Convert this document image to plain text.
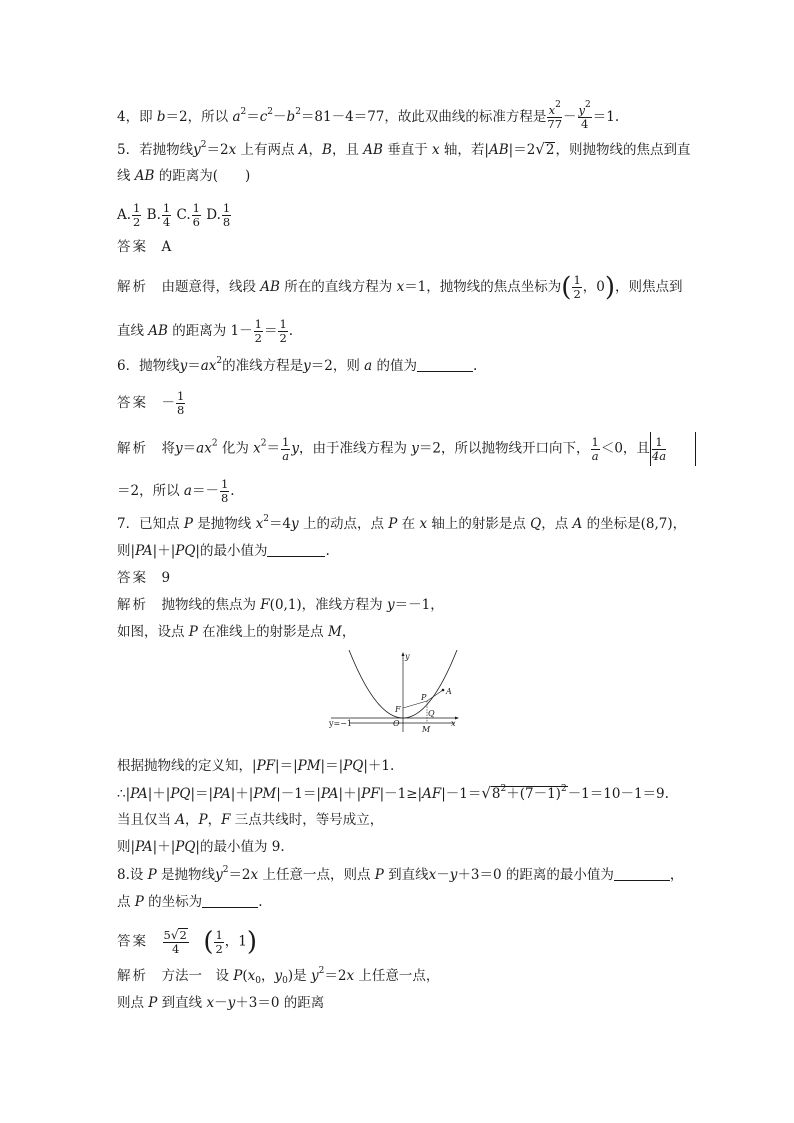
4，即 b＝2，所以 $a^2=c^2-b^2=81-4=77$，故此双曲线的标准方程是 $\frac{x^2}{77} - \frac{y^2}{4} =1$.
5．若抛物线$y^2=2x$ 上有两点 A，B，且 AB 垂直于 x 轴，若|AB|＝2√2，则抛物线的焦点到直
线 AB 的距离为(　　)
A. $\frac{1}{2} B$. $\frac{1}{4} C$. $\frac{1}{6} D$. $\frac{1}{8}$
答案　 A
解析　 由题意得，线段 AB 所在的直线方程为 x＝1，抛物线的焦点坐标为( $\frac{1}{2}$ ，0)，则焦点到
直线 AB 的距离为 $1- \frac{1}{2} = \frac{1}{2}$ .
6．抛物线$y=ax^2$的准线方程是y＝2，则 a 的值为	.
答案　 － $\frac{1}{8}$
解析　 将$y=ax^2$ 化为 $x^2= \frac{1}{a}$ y，由于准线方程为 y＝2，所以抛物线开口向下， $\frac{1}{a} <0$，且 $\frac{1}{4a}$
＝2，所以 $a=- \frac{1}{8}$ .
7．已知点 P 是抛物线 $x^2=4y$ 上的动点，点 P 在 x 轴上的射影是点 Q，点 A 的坐标是(8,7)，
则|PA|＋|PQ|的最小值为	.
答案　 9
解析　 抛物线的焦点为 F(0,1)，准线方程为 y＝－1，
如图，设点 P 在准线上的射影是点 M，
y
x
O
F
P
A
Q
M
y=−1
根据抛物线的定义知，|PF|＝|PM|＝|PQ|＋1.
$\therefore|PA|+|PQ|=|PA|+|PM|-1=|PA|+|PF|-1\ge|AF|-1=√8^2+(7-1)^2-1=10-1=9$.
当且仅当 A，P，F 三点共线时，等号成立，
则|PA|＋|PQ|的最小值为 9.
8.设 P 是抛物线$y^2=2x$ 上任意一点，则点 P 到直线x－y＋3＝0 的距离的最小值为	，
点 P 的坐标为	.
答案　 $\frac{5√2}{4}$
　 ( $\frac{1}{2}$ ，1)
解析　 方法一　设 $P(x_0$，$y_0$)是 $y^2=2x$ 上任意一点，
则点 P 到直线 x－y＋3＝0 的距离
